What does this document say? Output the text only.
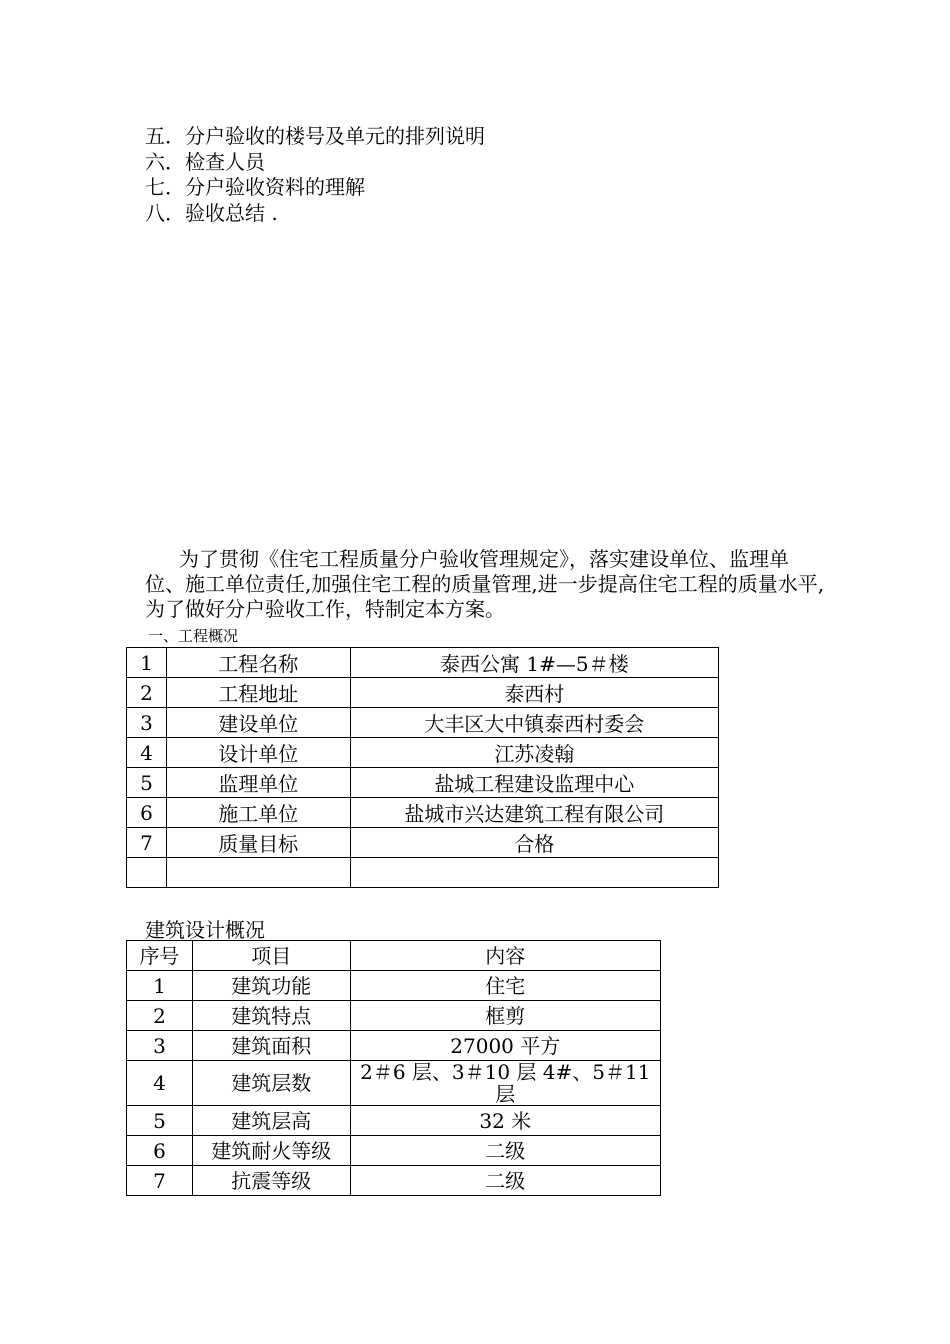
五．分户验收的楼号及单元的排列说明
六．检查人员
七．分户验收资料的理解
八．验收总结 .

为了贯彻《住宅工程质量分户验收管理规定》，落实建设单位、监理单位、施工单位责任,加强住宅工程的质量管理,进一步提高住宅工程的质量水平,为了做好分户验收工作，特制定本方案。

一、工程概况
1	工程名称	泰西公寓 1#—5＃楼
2	工程地址	泰西村
3	建设单位	大丰区大中镇泰西村委会
4	设计单位	江苏凌翰
5	监理单位	盐城工程建设监理中心
6	施工单位	盐城市兴达建筑工程有限公司
7	质量目标	合格

建筑设计概况
序号	项目	内容
1	建筑功能	住宅
2	建筑特点	框剪
3	建筑面积	27000 平方
4	建筑层数	2＃6 层、3＃10 层 4#、5＃11 层
5	建筑层高	32 米
6	建筑耐火等级	二级
7	抗震等级	二级
